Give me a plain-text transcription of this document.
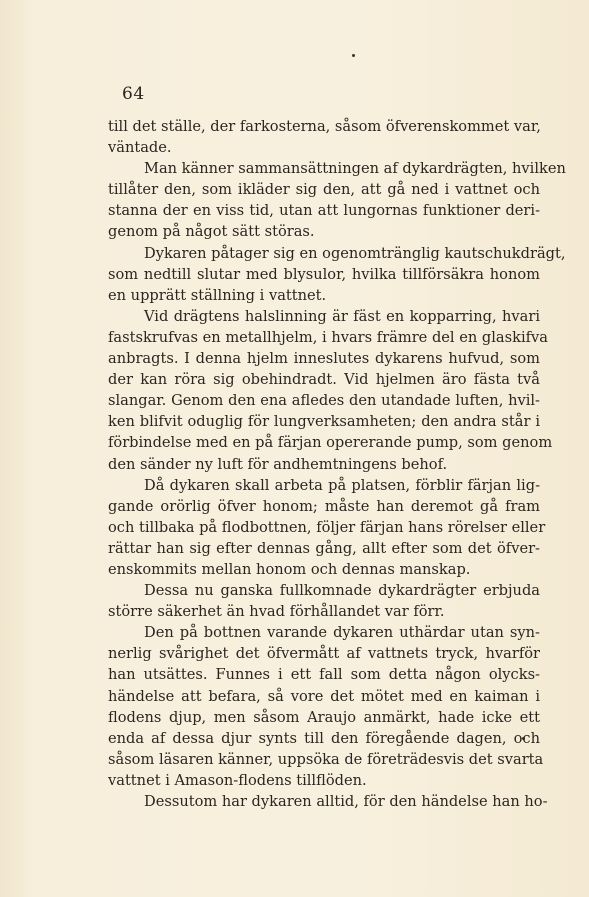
64
till det ställe, der farkosterna, såsom öfverenskommet var,
väntade.
Man känner sammansättningen af dykardrägten, hvilken
tillåter den, som ikläder sig den, att gå ned i vattnet och
stanna der en viss tid, utan att lungornas funktioner deri-
genom på något sätt störas.
Dykaren påtager sig en ogenomtränglig kautschukdrägt,
som nedtill slutar med blysulor, hvilka tillförsäkra honom
en upprätt ställning i vattnet.
Vid drägtens halslinning är fäst en kopparring, hvari
fastskrufvas en metallhjelm, i hvars främre del en glaskifva
anbragts. I denna hjelm inneslutes dykarens hufvud, som
der kan röra sig obehindradt. Vid hjelmen äro fästa två
slangar. Genom den ena afledes den utandade luften, hvil-
ken blifvit oduglig för lungverksamheten; den andra står i
förbindelse med en på färjan opererande pump, som genom
den sänder ny luft för andhemtningens behof.
Då dykaren skall arbeta på platsen, förblir färjan lig-
gande orörlig öfver honom; måste han deremot gå fram
och tillbaka på flodbottnen, följer färjan hans rörelser eller
rättar han sig efter dennas gång, allt efter som det öfver-
enskommits mellan honom och dennas manskap.
Dessa nu ganska fullkomnade dykardrägter erbjuda
större säkerhet än hvad förhållandet var förr.
Den på bottnen varande dykaren uthärdar utan syn-
nerlig svårighet det öfvermått af vattnets tryck, hvarför
han utsättes. Funnes i ett fall som detta någon olycks-
händelse att befara, så vore det mötet med en kaiman i
flodens djup, men såsom Araujo anmärkt, hade icke ett
enda af dessa djur synts till den föregående dagen, och
såsom läsaren känner, uppsöka de företrädesvis det svarta
vattnet i Amason-flodens tillflöden.
Dessutom har dykaren alltid, för den händelse han ho-
